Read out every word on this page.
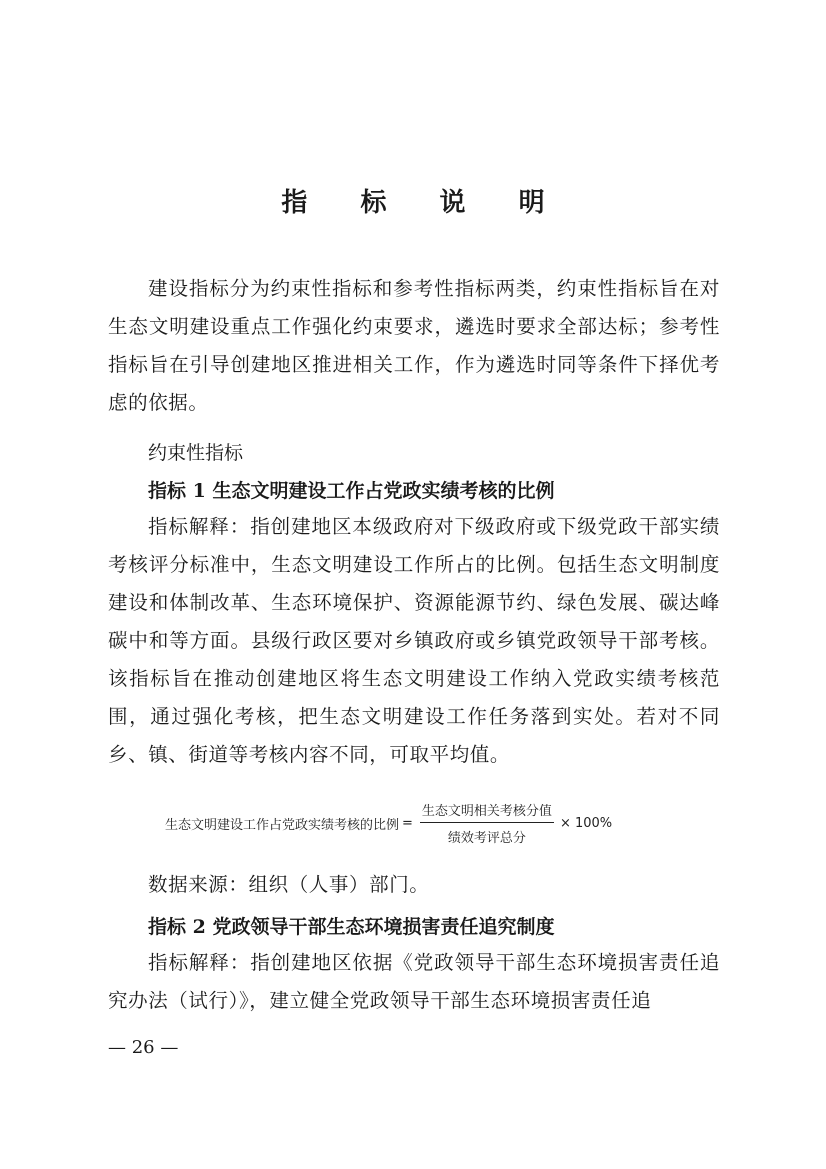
指 标 说 明

建设指标分为约束性指标和参考性指标两类，约束性指标旨在对生态文明建设重点工作强化约束要求，遴选时要求全部达标；参考性指标旨在引导创建地区推进相关工作，作为遴选时同等条件下择优考虑的依据。

约束性指标
指标 1 生态文明建设工作占党政实绩考核的比例

指标解释：指创建地区本级政府对下级政府或下级党政干部实绩考核评分标准中，生态文明建设工作所占的比例。包括生态文明制度建设和体制改革、生态环境保护、资源能源节约、绿色发展、碳达峰碳中和等方面。县级行政区要对乡镇政府或乡镇党政领导干部考核。该指标旨在推动创建地区将生态文明建设工作纳入党政实绩考核范围，通过强化考核，把生态文明建设工作任务落到实处。若对不同乡、镇、街道等考核内容不同，可取平均值。

生态文明建设工作占党政实绩考核的比例 = $\frac{\text{生态文明相关考核分值}}{\text{绩效考评总分}} \times 100\%$

数据来源：组织（人事）部门。

指标 2 党政领导干部生态环境损害责任追究制度

指标解释：指创建地区依据《党政领导干部生态环境损害责任追究办法（试行）》，建立健全党政领导干部生态环境损害责任追

— 26 —
